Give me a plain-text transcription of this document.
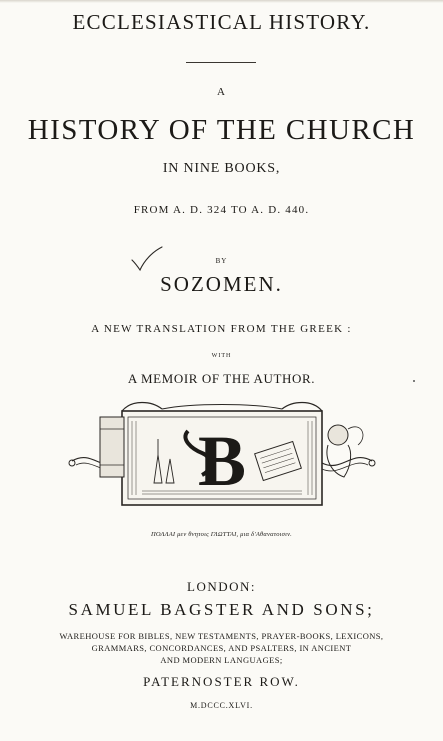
ECCLESIASTICAL HISTORY.
A
HISTORY OF THE CHURCH
IN NINE BOOKS,
FROM A. D. 324 TO A. D. 440.
BY
SOZOMEN.
A NEW TRANSLATION FROM THE GREEK :
WITH
A MEMOIR OF THE AUTHOR.
B
ΠΟΛΛΑΙ μεν θνητοις ΓΛΩΤΤΑΙ, μια δ'Αθανατοισιν.
LONDON:
SAMUEL BAGSTER AND SONS;
WAREHOUSE FOR BIBLES, NEW TESTAMENTS, PRAYER-BOOKS, LEXICONS,
GRAMMARS, CONCORDANCES, AND PSALTERS, IN ANCIENT
AND MODERN LANGUAGES;
PATERNOSTER ROW.
M.DCCC.XLVI.
